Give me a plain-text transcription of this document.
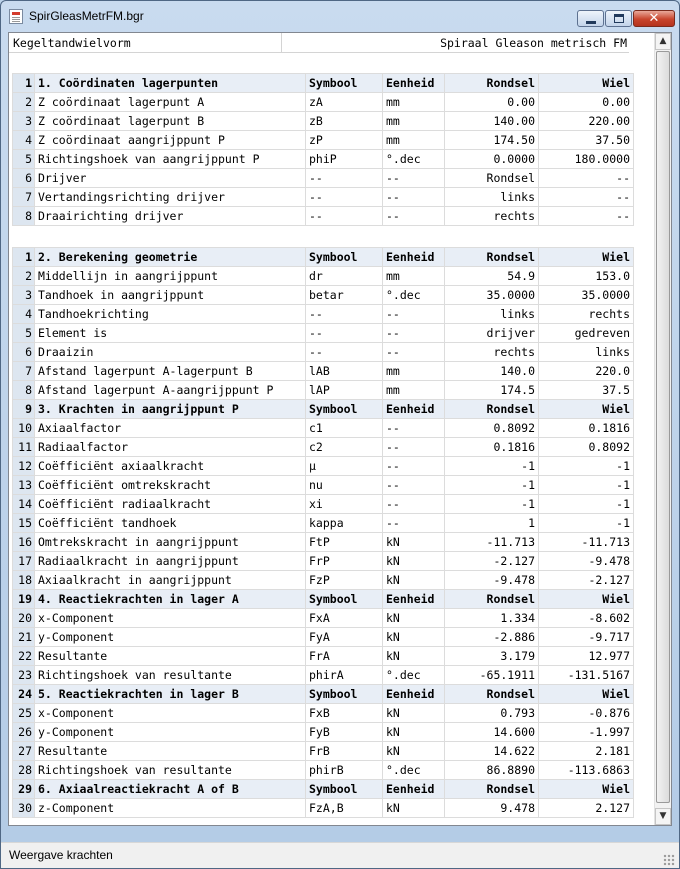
SpirGleasMetrFM.bgr	✕
Kegeltandwielvorm	Spiraal Gleason metrisch FM
1	1. Coördinaten lagerpunten	Symbool	Eenheid	Rondsel	Wiel
2	Z coördinaat lagerpunt A	zA	mm	0.00	0.00
3	Z coördinaat lagerpunt B	zB	mm	140.00	220.00
4	Z coördinaat aangrijppunt P	zP	mm	174.50	37.50
5	Richtingshoek van aangrijppunt P	phiP	°.dec	0.0000	180.0000
6	Drijver	--	--	Rondsel	--
7	Vertandingsrichting drijver	--	--	links	--
8	Draairichting drijver	--	--	rechts	--
1	2. Berekening geometrie	Symbool	Eenheid	Rondsel	Wiel
2	Middellijn in aangrijppunt	dr	mm	54.9	153.0
3	Tandhoek in aangrijppunt	betar	°.dec	35.0000	35.0000
4	Tandhoekrichting	--	--	links	rechts
5	Element is	--	--	drijver	gedreven
6	Draaizin	--	--	rechts	links
7	Afstand lagerpunt A-lagerpunt B	lAB	mm	140.0	220.0
8	Afstand lagerpunt A-aangrijppunt P	lAP	mm	174.5	37.5
9	3. Krachten in aangrijppunt P	Symbool	Eenheid	Rondsel	Wiel
10	Axiaalfactor	c1	--	0.8092	0.1816
11	Radiaalfactor	c2	--	0.1816	0.8092
12	Coëfficiënt axiaalkracht	µ	--	-1	-1
13	Coëfficiënt omtrekskracht	nu	--	-1	-1
14	Coëfficiënt radiaalkracht	xi	--	-1	-1
15	Coëfficiënt tandhoek	kappa	--	1	-1
16	Omtrekskracht in aangrijppunt	FtP	kN	-11.713	-11.713
17	Radiaalkracht in aangrijppunt	FrP	kN	-2.127	-9.478
18	Axiaalkracht in aangrijppunt	FzP	kN	-9.478	-2.127
19	4. Reactiekrachten in lager A	Symbool	Eenheid	Rondsel	Wiel
20	x-Component	FxA	kN	1.334	-8.602
21	y-Component	FyA	kN	-2.886	-9.717
22	Resultante	FrA	kN	3.179	12.977
23	Richtingshoek van resultante	phirA	°.dec	-65.1911	-131.5167
24	5. Reactiekrachten in lager B	Symbool	Eenheid	Rondsel	Wiel
25	x-Component	FxB	kN	0.793	-0.876
26	y-Component	FyB	kN	14.600	-1.997
27	Resultante	FrB	kN	14.622	2.181
28	Richtingshoek van resultante	phirB	°.dec	86.8890	-113.6863
29	6. Axiaalreactiekracht A of B	Symbool	Eenheid	Rondsel	Wiel
30	z-Component	FzA,B	kN	9.478	2.127
▲
▼
Weergave krachten
